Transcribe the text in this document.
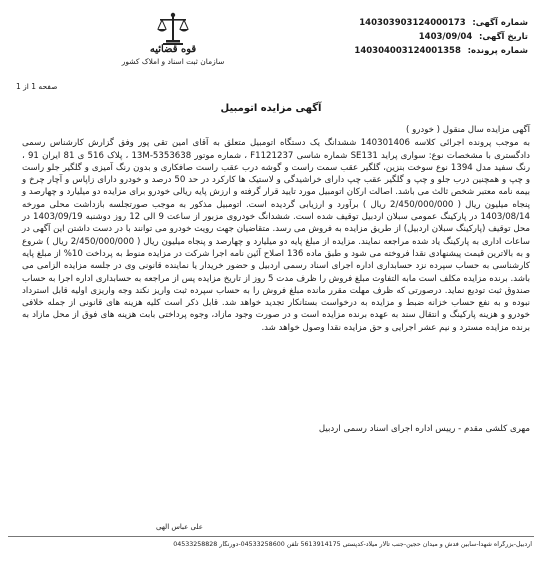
شماره آگهی: 140303903124000173
تاریخ آگهی: 1403/09/04
شماره پرونده: 140304003124001358
قوه قضائیه
سازمان ثبت اسناد و املاک کشور
صفحه 1 از 1
آگهی مزایده اتومبیل

آگهی مزایده سال منقول ( خودرو )

به موجب پرونده اجرائی کلاسه 140301406 ششدانگ یک دستگاه اتومبیل متعلق به آقای امین تقی پور وفق گزارش کارشناس رسمی دادگستری با مشخصات نوع: سواری پراید SE131 شماره شاسی F1121237 ، شماره موتور 13M-5353638 ، پلاک 516 ی 81 ایران 91 ، رنگ سفید مدل 1394 نوع سوخت بنزین، گلگیر عقب سمت راست و گوشه درب عقب راست صافکاری و بدون رنگ آمیزی و گلگیر جلو راست و چپ و همچنین درب جلو و چپ و گلگیر عقب چپ دارای خراشیدگی و لاستیک ها کارکرد در حد 50 درصد و خودرو دارای زاپاس و آچار چرخ و بیمه نامه معتبر شخص ثالث می باشد. اصالت ارکان اتومبیل مورد تایید قرار گرفته و ارزش پایه ریالی خودرو برای مزایده دو میلیارد و چهارصد و پنجاه میلیون ریال ( 2/450/000/000 ریال ) برآورد و ارزیابی گردیده است. اتومبیل مذکور به موجب صورتجلسه بازداشت محلی مورخه 1403/08/14 در پارکینگ عمومی سبلان اردبیل توقیف شده است. ششدانگ خودروی مزبور از ساعت 9 الی 12 روز دوشنبه 1403/09/19 در محل توقیف (پارکینگ سبلان اردبیل) از طریق مزایده به فروش می رسد. متقاضیان جهت رویت خودرو می توانند با در دست داشتن این آگهی در ساعات اداری به پارکینگ یاد شده مراجعه نمایند. مزایده از مبلغ پایه دو میلیارد و چهارصد و پنجاه میلیون ریال ( 2/450/000/000 ریال ) شروع و به بالاترین قیمت پیشنهادی نقدا فروخته می شود و طبق ماده 136 اصلاح آئین نامه اجرا شرکت در مزایده منوط به پرداخت 10% از مبلغ پایه کارشناسی به حساب سپرده نزد حسابداری اداره اجرای اسناد رسمی اردبیل و حضور خریدار یا نماینده قانونی وی در جلسه مزایده الزامی می باشد. برنده مزایده مکلف است مابه التفاوت مبلغ فروش را ظرف مدت 5 روز از تاریخ مزایده پس از مراجعه به حسابداری اداره اجرا به حساب صندوق ثبت تودیع نماید. درصورتی که ظرف مهلت مقرر مانده مبلغ فروش را به حساب سپرده ثبت واریز نکند وجه واریزی اولیه قابل استرداد نبوده و به نفع حساب خزانه ضبط و مزایده به درخواست بستانکار تجدید خواهد شد. قابل ذکر است کلیه هزینه های قانونی از جمله خلافی خودرو و هزینه پارکینگ و انتقال سند به عهده برنده مزایده است و در صورت وجود مازاد، وجوه پرداختی بابت هزینه های فوق از محل مازاد به برنده مزایده مسترد و نیم عشر اجرایی و حق مزایده نقدا وصول خواهد شد.

مهری کلشی مقدم - رییس اداره اجرای اسناد رسمی اردبیل
علی عباس الهی
اردبیل-بزرگراه شهدا-سابین فدش و میدان حجین-جنب تالار میلاد-کدپستی 5613914175 تلفن 04533258600-دورنگار 04533258828
